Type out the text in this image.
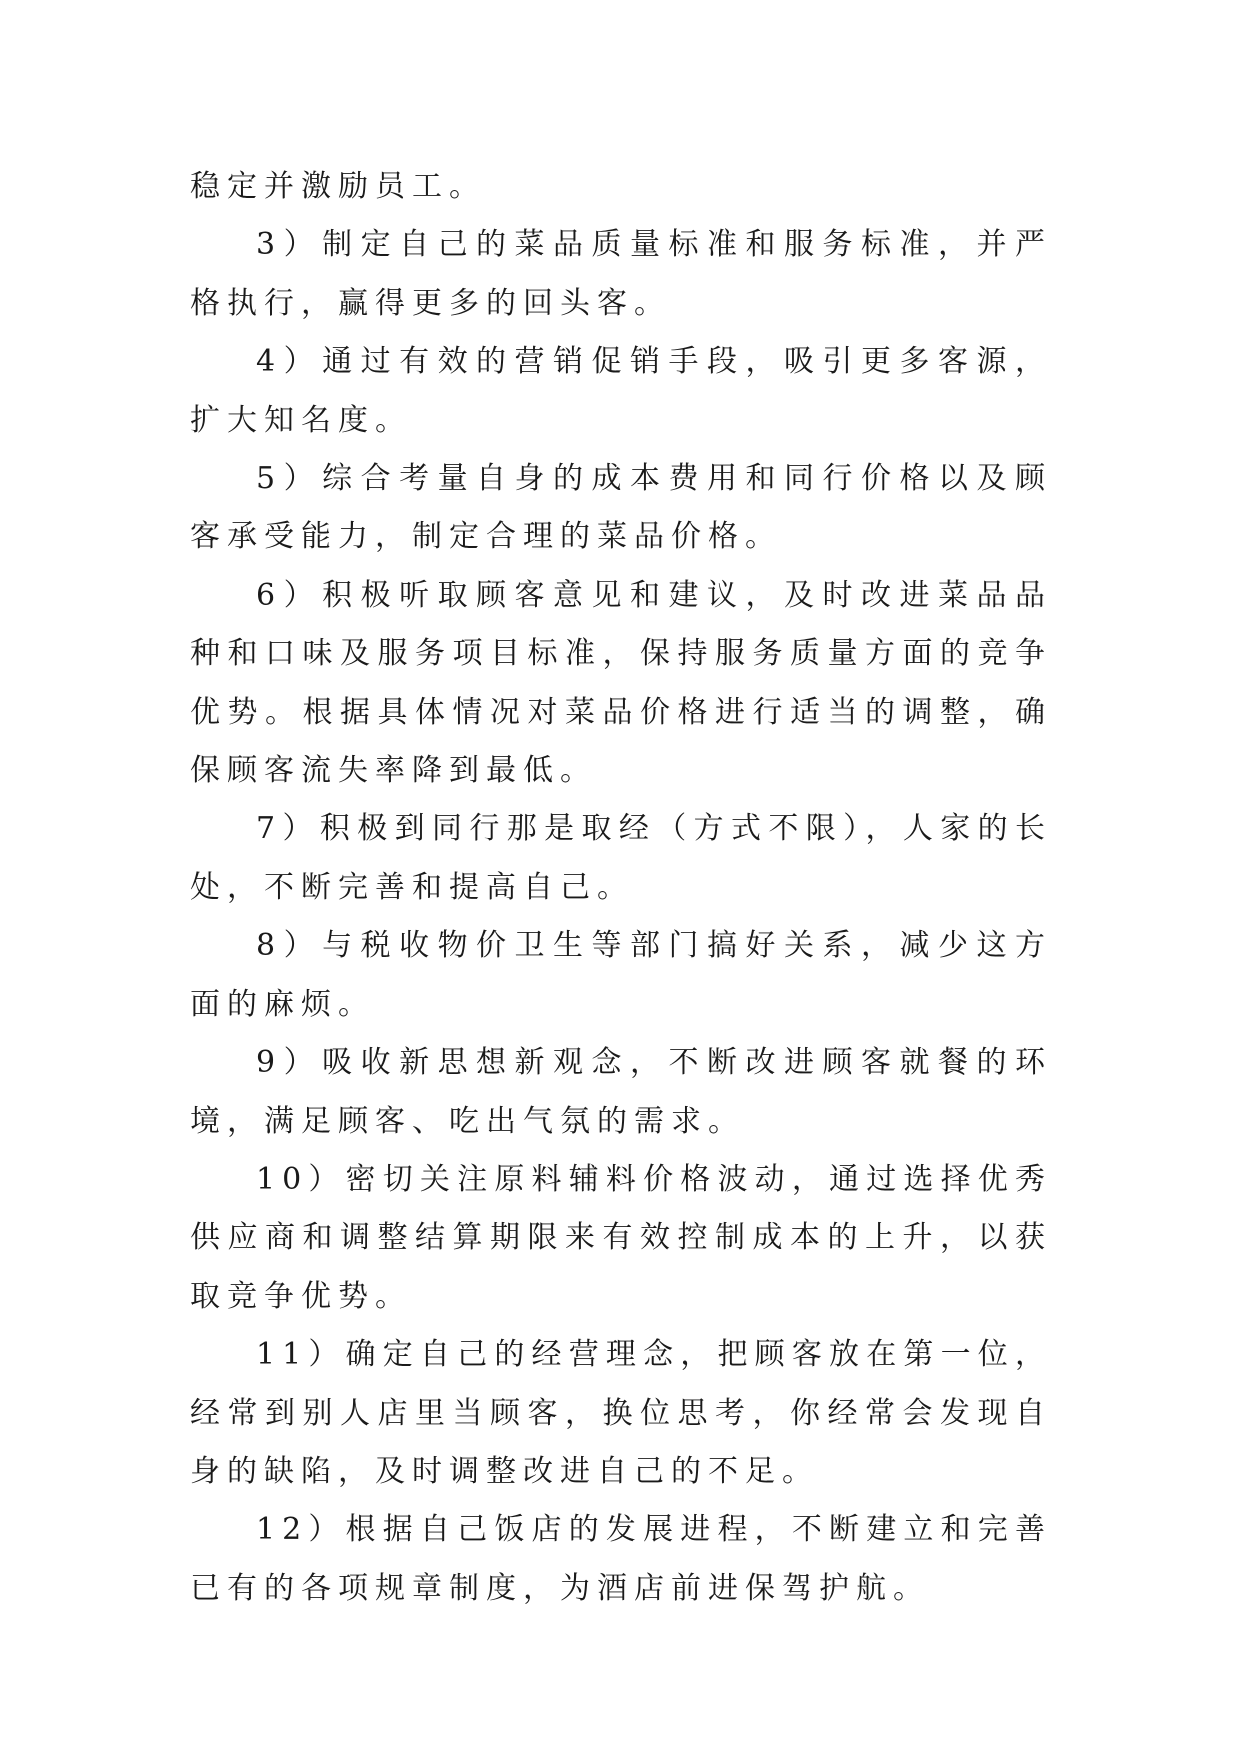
稳定并激励员工。

3）制定自己的菜品质量标准和服务标准，并严格执行，赢得更多的回头客。

4）通过有效的营销促销手段，吸引更多客源，扩大知名度。

5）综合考量自身的成本费用和同行价格以及顾客承受能力，制定合理的菜品价格。

6）积极听取顾客意见和建议，及时改进菜品品种和口味及服务项目标准，保持服务质量方面的竞争优势。根据具体情况对菜品价格进行适当的调整，确保顾客流失率降到最低。

7）积极到同行那是取经（方式不限），人家的长处，不断完善和提高自己。

8）与税收物价卫生等部门搞好关系，减少这方面的麻烦。

9）吸收新思想新观念，不断改进顾客就餐的环境，满足顾客、吃出气氛的需求。

10）密切关注原料辅料价格波动，通过选择优秀供应商和调整结算期限来有效控制成本的上升，以获取竞争优势。

11）确定自己的经营理念，把顾客放在第一位，经常到别人店里当顾客，换位思考，你经常会发现自身的缺陷，及时调整改进自己的不足。

12）根据自己饭店的发展进程，不断建立和完善已有的各项规章制度，为酒店前进保驾护航。
